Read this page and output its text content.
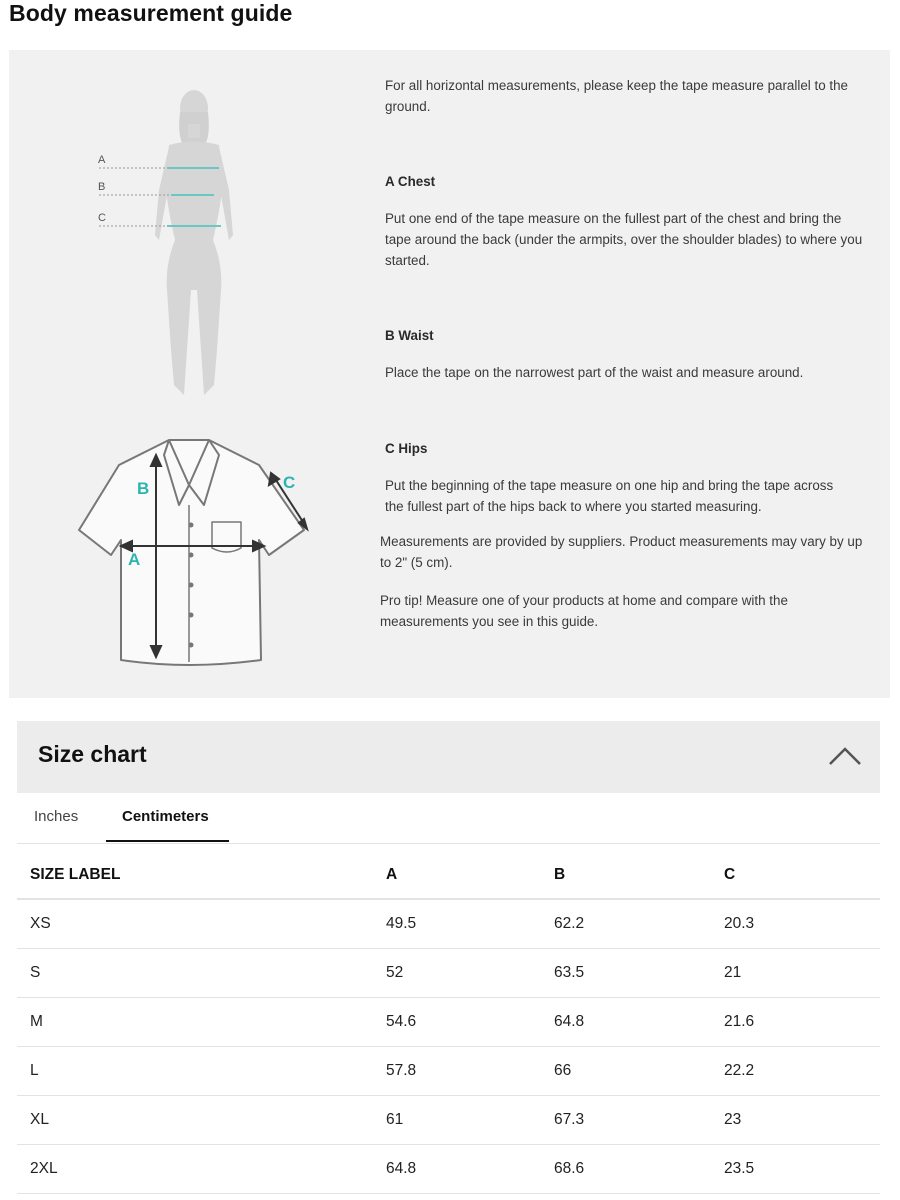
Body measurement guide
A
B
C
B
A
C

For all horizontal measurements, please keep the tape measure parallel to the ground.

A Chest
Put one end of the tape measure on the fullest part of the chest and bring the tape around the back (under the armpits, over the shoulder blades) to where you started.
B Waist
Place the tape on the narrowest part of the waist and measure around.
C Hips
Put the beginning of the tape measure on one hip and bring the tape across the fullest part of the hips back to where you started measuring.
Measurements are provided by suppliers. Product measurements may vary by up to 2" (5 cm).
Pro tip! Measure one of your products at home and compare with the measurements you see in this guide.
Size chart
Inches	Centimeters
SIZE LABEL	A	B	C
XS	49.5	62.2	20.3
S	52	63.5	21
M	54.6	64.8	21.6
L	57.8	66	22.2
XL	61	67.3	23
2XL	64.8	68.6	23.5
